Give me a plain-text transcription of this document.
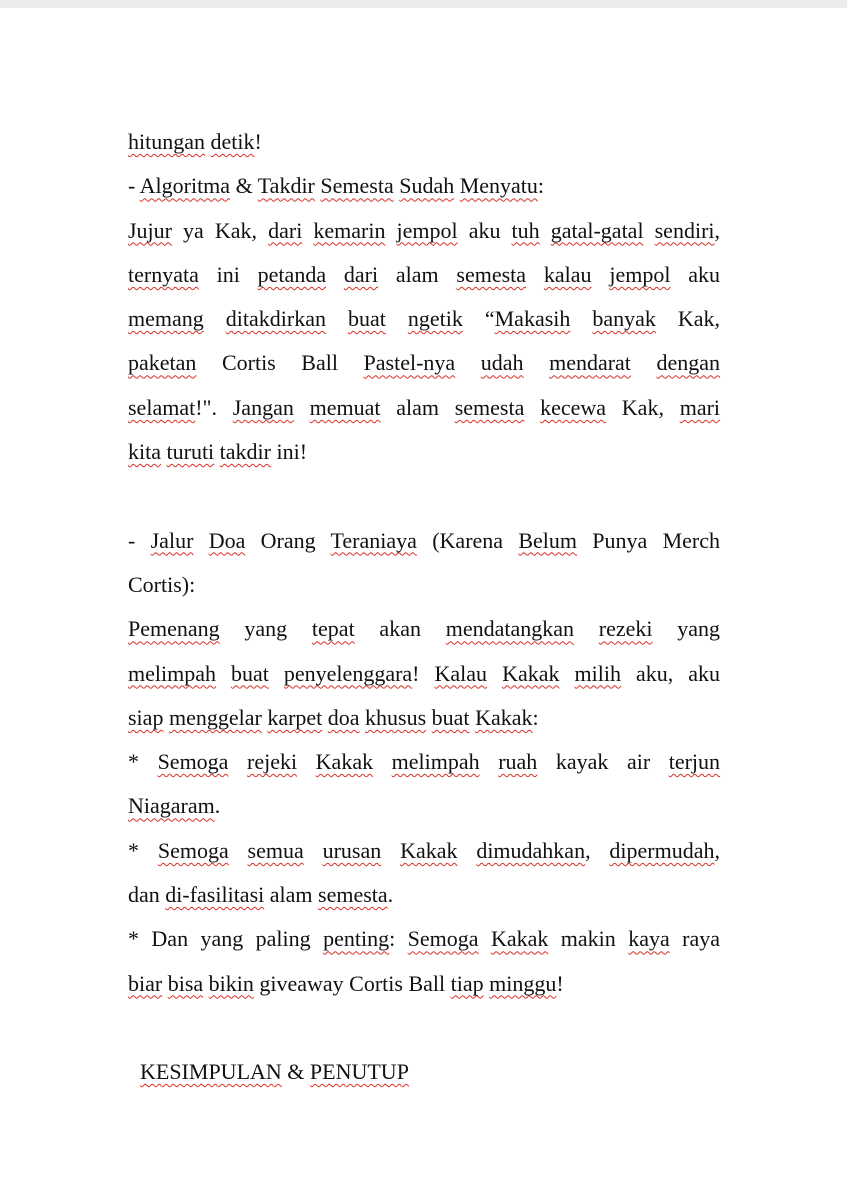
hitungan detik!
- Algoritma & Takdir Semesta Sudah Menyatu:
Jujur ya Kak, dari kemarin jempol aku tuh gatal-gatal sendiri,
ternyata ini petanda dari alam semesta kalau jempol aku
memang ditakdirkan buat ngetik “Makasih banyak Kak,
paketan Cortis Ball Pastel-nya udah mendarat dengan
selamat!". Jangan memuat alam semesta kecewa Kak, mari
kita turuti takdir ini!
- Jalur Doa Orang Teraniaya (Karena Belum Punya Merch
Cortis):
Pemenang yang tepat akan mendatangkan rezeki yang
melimpah buat penyelenggara! Kalau Kakak milih aku, aku
siap menggelar karpet doa khusus buat Kakak:
* Semoga rejeki Kakak melimpah ruah kayak air terjun
Niagaram.
* Semoga semua urusan Kakak dimudahkan, dipermudah,
dan di-fasilitasi alam semesta.
* Dan yang paling penting: Semoga Kakak makin kaya raya
biar bisa bikin giveaway Cortis Ball tiap minggu!
KESIMPULAN & PENUTUP
